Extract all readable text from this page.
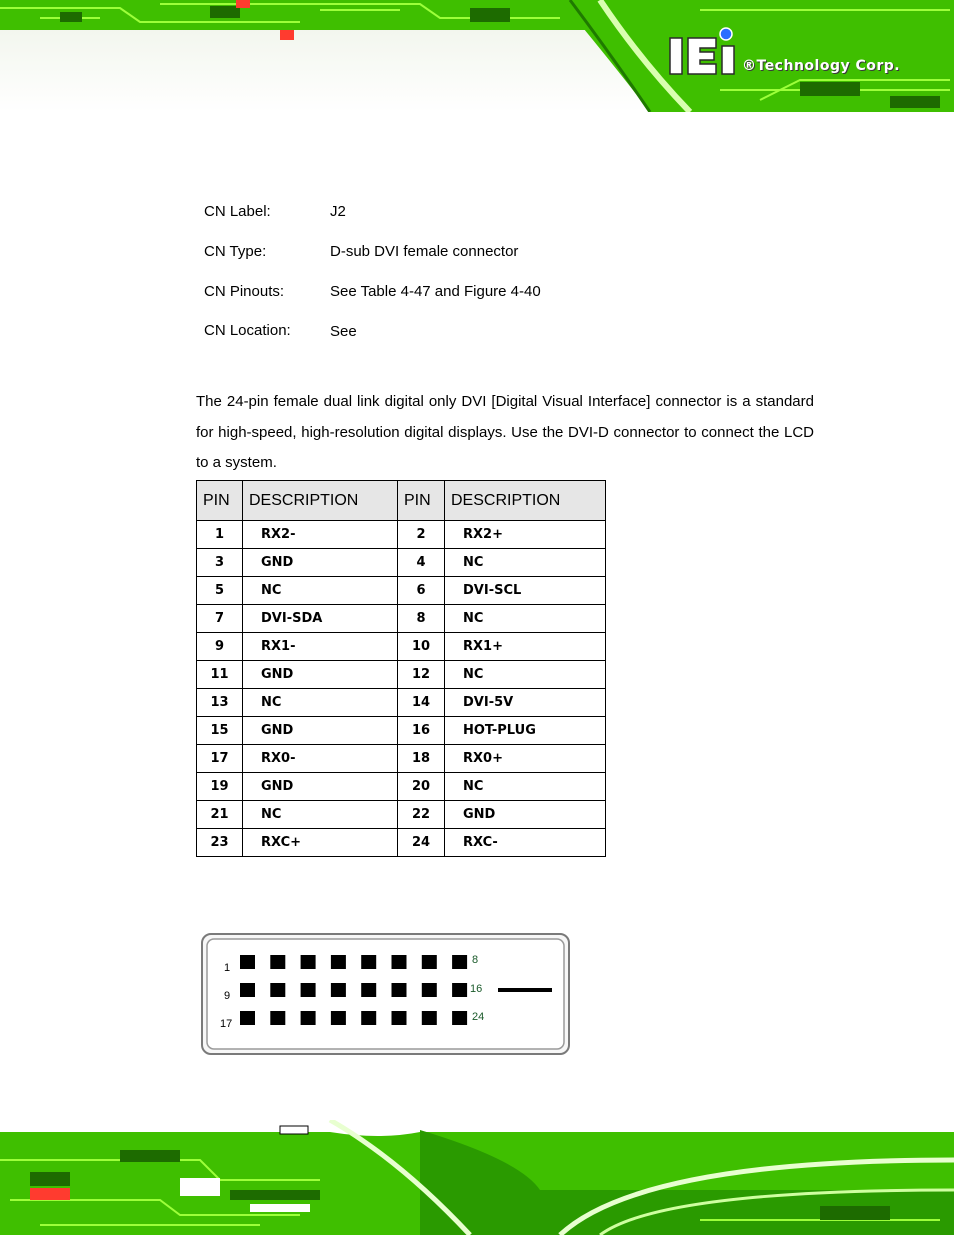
®Technology Corp.
CN Label:	J2
CN Type:	D-sub DVI female connector
CN Pinouts:	See Table 4-47 and Figure 4-40
CN Location:	See

The 24-pin female dual link digital only DVI [Digital Visual Interface] connector is a standard for high-speed, high-resolution digital displays. Use the DVI-D connector to connect the LCD to a system.

PIN	DESCRIPTION	PIN	DESCRIPTION
1	RX2-	2	RX2+
3	GND	4	NC
5	NC	6	DVI-SCL
7	DVI-SDA	8	NC
9	RX1-	10	RX1+
11	GND	12	NC
13	NC	14	DVI-5V
15	GND	16	HOT-PLUG
17	RX0-	18	RX0+
19	GND	20	NC
21	NC	22	GND
23	RXC+	24	RXC-
1
9
17
8
16
24
